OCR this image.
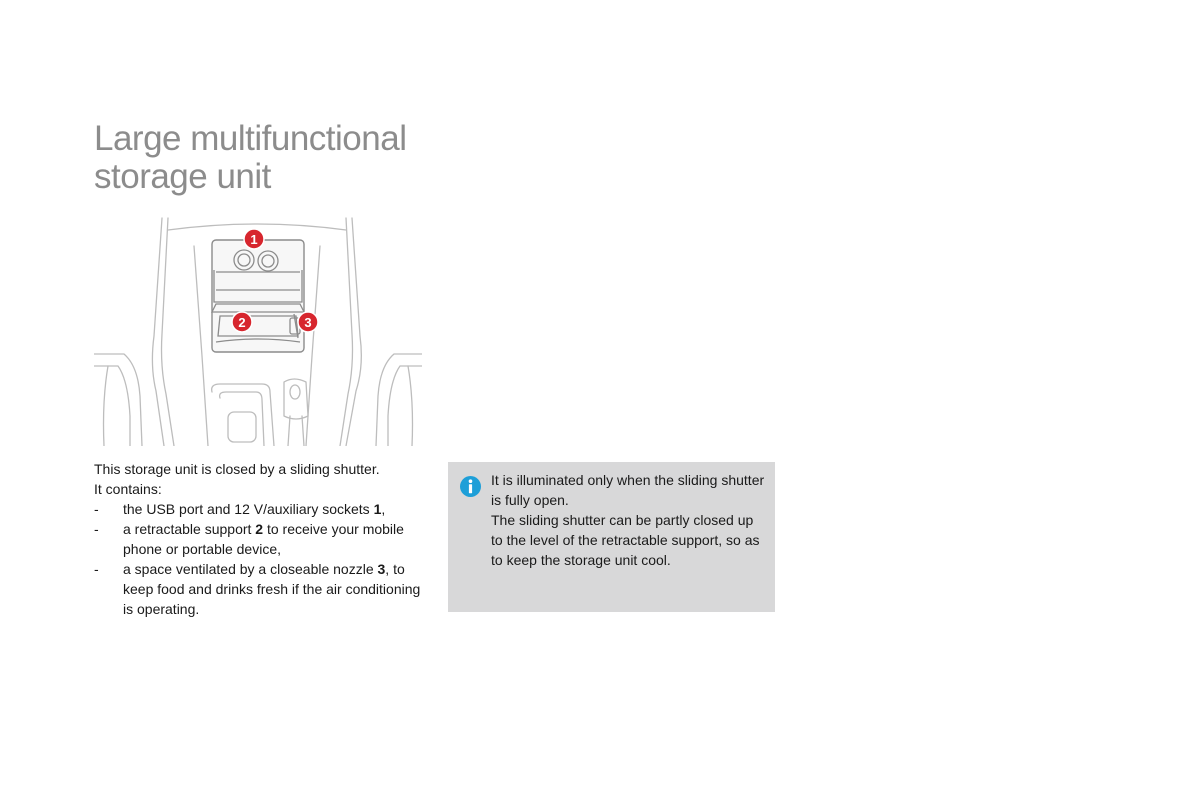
Large multifunctional storage unit
1
2	3

This storage unit is closed by a sliding shutter.

It contains:

- the USB port and 12 V/auxiliary sockets 1,
- a retractable support 2 to receive your mobile phone or portable device,
- a space ventilated by a closeable nozzle 3, to keep food and drinks fresh if the air conditioning is operating.

It is illuminated only when the sliding shutter is fully open.

The sliding shutter can be partly closed up to the level of the retractable support, so as to keep the storage unit cool.
